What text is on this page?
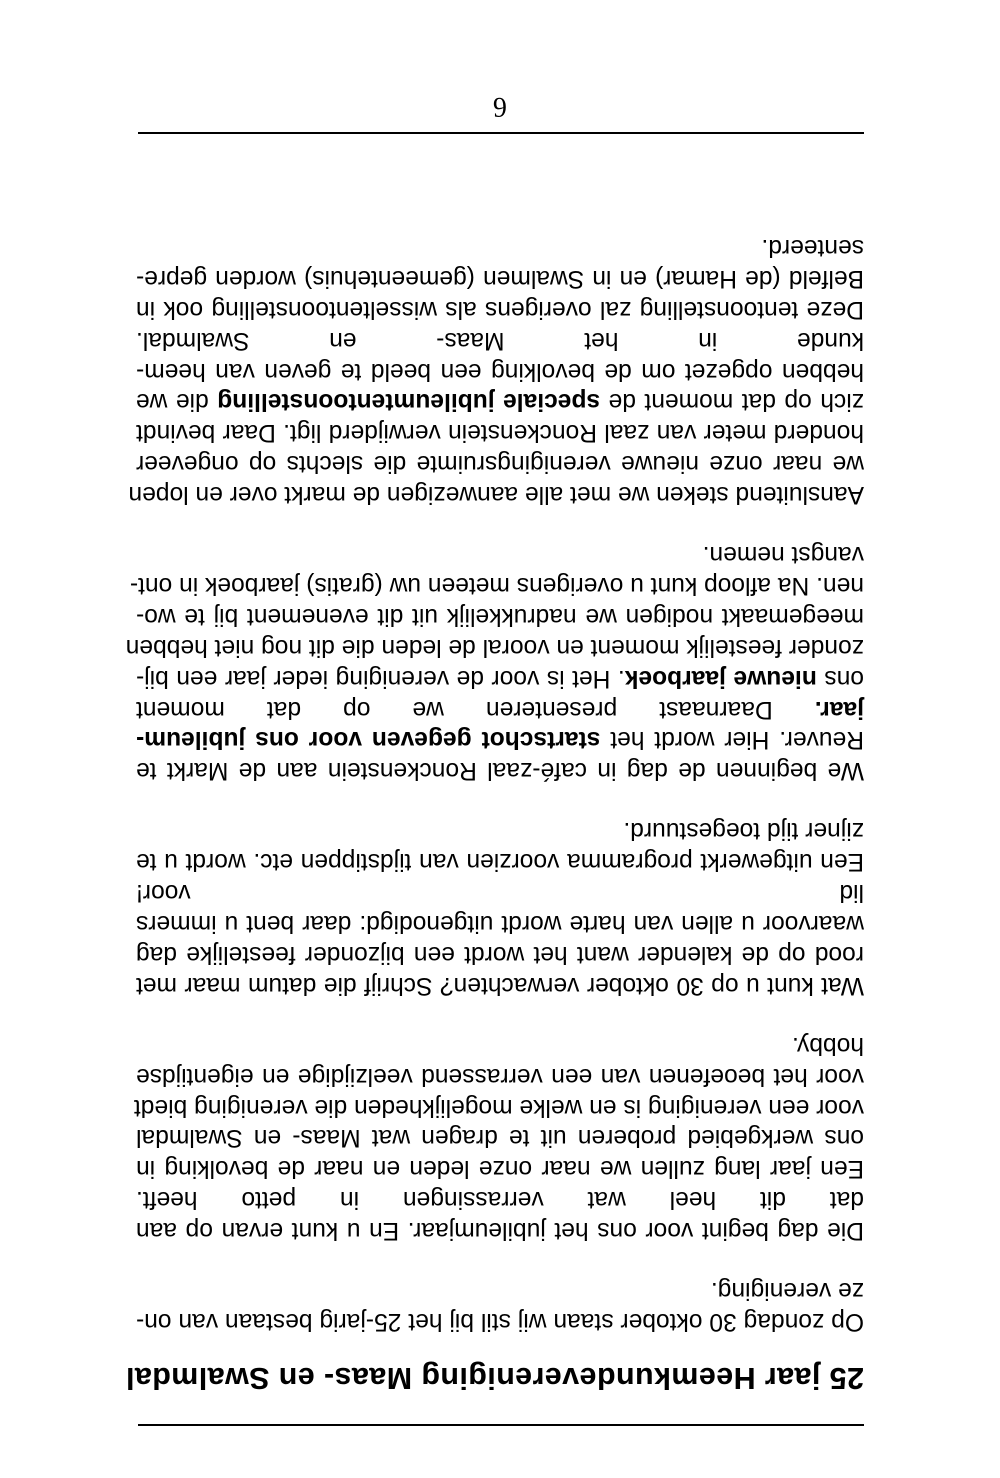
25 jaar Heemkundevereniging Maas- en Swalmdal

Op zondag 30 oktober staan wij stil bij het 25-jarig bestaan van on-
ze vereniging.

Die dag begint voor ons het jubileumjaar. En u kunt ervan op aan
dat dit heel wat verrassingen in petto heeft.
Een jaar lang zullen we naar onze leden en naar de bevolking in
ons werkgebied proberen uit te dragen wat Maas- en Swalmdal
voor een vereniging is en welke mogelijkheden die vereniging biedt
voor het beoefenen van een verrassend veelzijdige en eigentijdse
hobby.

Wat kunt u op 30 oktober verwachten? Schrijf die datum maar met
rood op de kalender want het wordt een bijzonder feestelijke dag
waarvoor u allen van harte wordt uitgenodigd: daar bent u immers
lid voor!
Een uitgewerkt programma voorzien van tijdstippen etc. wordt u te
zijner tijd toegestuurd.

We beginnen de dag in café-zaal Ronckenstein aan de Markt te
Reuver. Hier wordt het startschot gegeven voor ons jubileum-
jaar. Daarnaast presenteren we op dat moment
ons nieuwe jaarboek. Het is voor de vereniging ieder jaar een bij-
zonder feestelijk moment en vooral de leden die dit nog niet hebben
meegemaakt nodigen we nadrukkelijk uit dit evenement bij te wo-
nen. Na afloop kunt u overigens meteen uw (gratis) jaarboek in ont-
vangst nemen.

Aansluitend steken we met alle aanwezigen de markt over en lopen
we naar onze nieuwe verenigingsruimte die slechts op ongeveer
honderd meter van zaal Ronckenstein verwijderd ligt. Daar bevindt
zich op dat moment de speciale jubileumtentoonstelling die we
hebben opgezet om de bevolking een beeld te geven van heem-
kunde in het Maas- en Swalmdal.
Deze tentoonstelling zal overigens als wisseltentoonstelling ook in
Belfeld (de Hamar) en in Swalmen (gemeentehuis) worden gepre-
senteerd.

6
